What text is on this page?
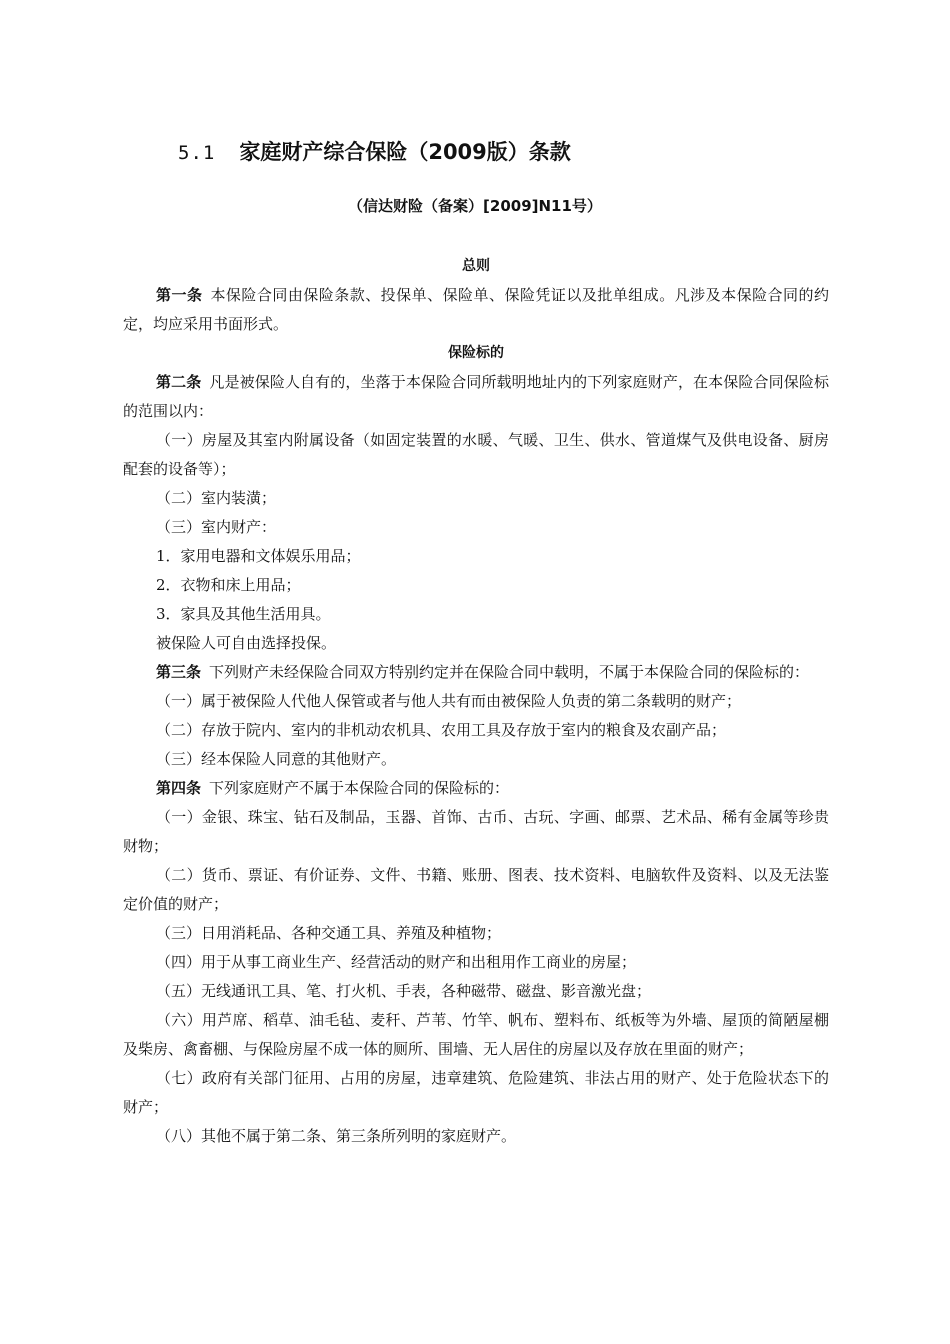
5.1 家庭财产综合保险（2009版）条款
（信达财险（备案）[2009]N11号）
总则

第一条 本保险合同由保险条款、投保单、保险单、保险凭证以及批单组成。凡涉及本保险合同的约定，均应采用书面形式。

保险标的

第二条 凡是被保险人自有的，坐落于本保险合同所载明地址内的下列家庭财产，在本保险合同保险标的范围以内：

（一）房屋及其室内附属设备（如固定装置的水暖、气暖、卫生、供水、管道煤气及供电设备、厨房配套的设备等）；

（二）室内装潢；

（三）室内财产：

1．家用电器和文体娱乐用品；

2．衣物和床上用品；

3．家具及其他生活用具。

被保险人可自由选择投保。

第三条 下列财产未经保险合同双方特别约定并在保险合同中载明，不属于本保险合同的保险标的：

（一）属于被保险人代他人保管或者与他人共有而由被保险人负责的第二条载明的财产；

（二）存放于院内、室内的非机动农机具、农用工具及存放于室内的粮食及农副产品；

（三）经本保险人同意的其他财产。

第四条 下列家庭财产不属于本保险合同的保险标的：

（一）金银、珠宝、钻石及制品，玉器、首饰、古币、古玩、字画、邮票、艺术品、稀有金属等珍贵财物；

（二）货币、票证、有价证券、文件、书籍、账册、图表、技术资料、电脑软件及资料、以及无法鉴定价值的财产；

（三）日用消耗品、各种交通工具、养殖及种植物；

（四）用于从事工商业生产、经营活动的财产和出租用作工商业的房屋；

（五）无线通讯工具、笔、打火机、手表，各种磁带、磁盘、影音激光盘；

（六）用芦席、稻草、油毛毡、麦秆、芦苇、竹竿、帆布、塑料布、纸板等为外墙、屋顶的简陋屋棚及柴房、禽畜棚、与保险房屋不成一体的厕所、围墙、无人居住的房屋以及存放在里面的财产；

（七）政府有关部门征用、占用的房屋，违章建筑、危险建筑、非法占用的财产、处于危险状态下的财产；

（八）其他不属于第二条、第三条所列明的家庭财产。
